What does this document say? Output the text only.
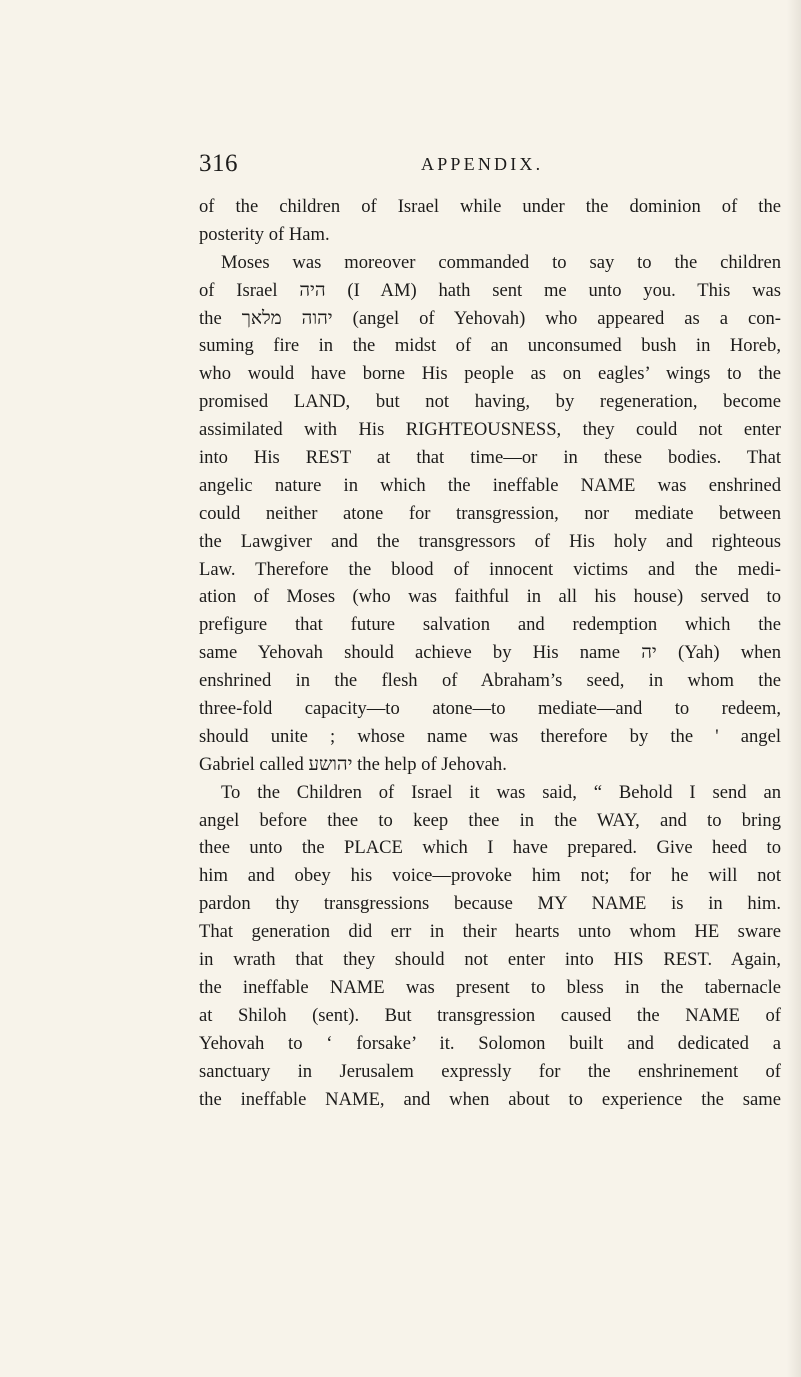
316	APPENDIX.
of the children of Israel while under the dominion of the
posterity of Ham.
Moses was moreover commanded to say to the children
of Israel היה (I AM) hath sent me unto you. This was
the יהוה מלאך (angel of Yehovah) who appeared as a con-
suming fire in the midst of an unconsumed bush in Horeb,
who would have borne His people as on eagles’ wings to the
promised LAND, but not having, by regeneration, become
assimilated with His RIGHTEOUSNESS, they could not enter
into His REST at that time—or in these bodies. That
angelic nature in which the ineffable NAME was enshrined
could neither atone for transgression, nor mediate between
the Lawgiver and the transgressors of His holy and righteous
Law. Therefore the blood of innocent victims and the medi-
ation of Moses (who was faithful in all his house) served to
prefigure that future salvation and redemption which the
same Yehovah should achieve by His name יה (Yah) when
enshrined in the flesh of Abraham’s seed, in whom the
three-fold capacity—to atone—to mediate—and to redeem,
should unite ; whose name was therefore by the ' angel
Gabriel called יהושע the help of Jehovah.
To the Children of Israel it was said, “ Behold I send an
angel before thee to keep thee in the WAY, and to bring
thee unto the PLACE which I have prepared. Give heed to
him and obey his voice—provoke him not; for he will not
pardon thy transgressions because MY NAME is in him.
That generation did err in their hearts unto whom HE sware
in wrath that they should not enter into HIS REST. Again,
the ineffable NAME was present to bless in the tabernacle
at Shiloh (sent). But transgression caused the NAME of
Yehovah to ‘ forsake’ it. Solomon built and dedicated a
sanctuary in Jerusalem expressly for the enshrinement of
the ineffable NAME, and when about to experience the same
